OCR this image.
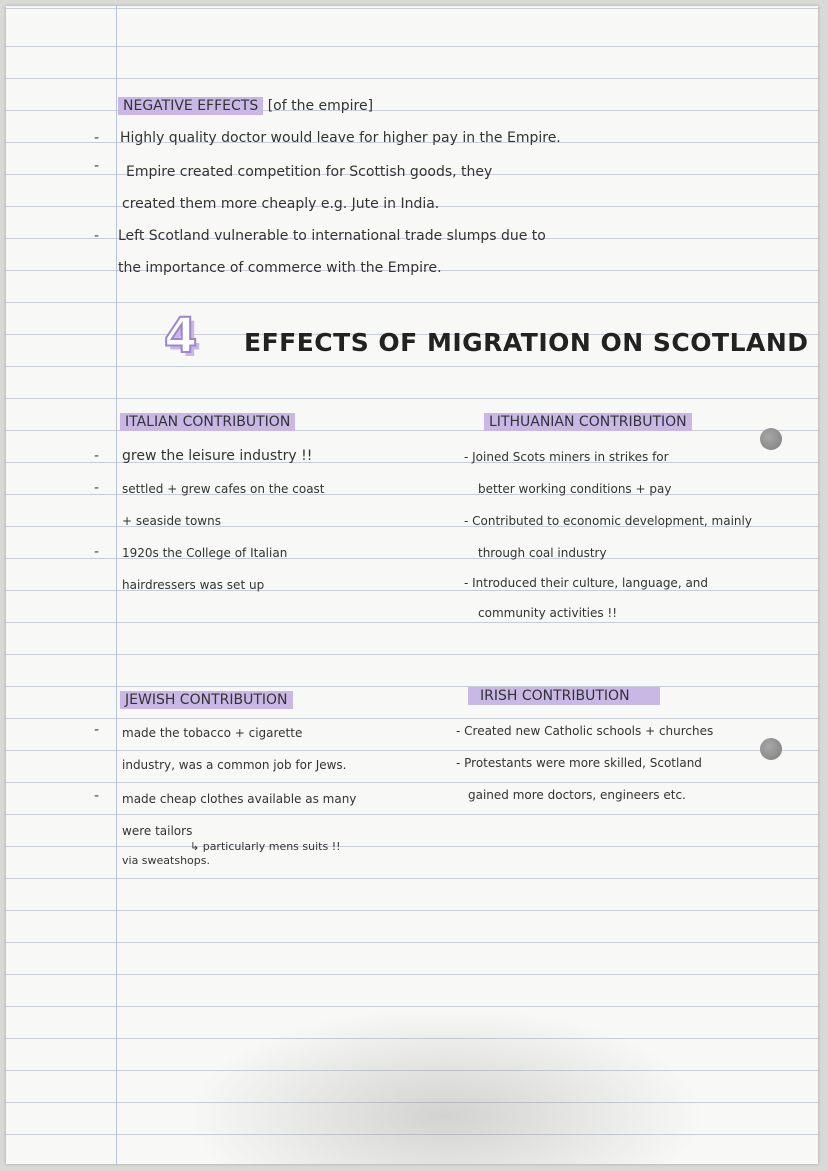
NEGATIVE EFFECTS [of the empire]
- Highly quality doctor would leave for higher pay in the Empire.
- Empire created competition for Scottish goods, they
created them more cheaply e.g. Jute in India.
- Left Scotland vulnerable to international trade slumps due to
the importance of commerce with the Empire.
4	EFFECTS OF MIGRATION ON SCOTLAND
ITALIAN CONTRIBUTION
- grew the leisure industry !!
- settled + grew cafes on the coast
+ seaside towns
- 1920s the College of Italian
hairdressers was set up
LITHUANIAN CONTRIBUTION
- Joined Scots miners in strikes for
better working conditions + pay
- Contributed to economic development, mainly
through coal industry
- Introduced their culture, language, and
community activities !!
JEWISH CONTRIBUTION
- made the tobacco + cigarette
industry, was a common job for Jews.
- made cheap clothes available as many
were tailors
↳ particularly mens suits !!
via sweatshops.
IRISH CONTRIBUTION
- Created new Catholic schools + churches
- Protestants were more skilled, Scotland
gained more doctors, engineers etc.
